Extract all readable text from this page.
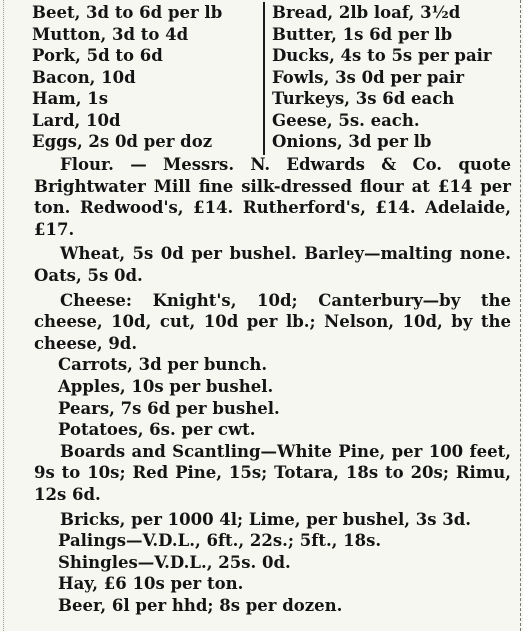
Beet, 3d to 6d per lb	Bread, 2lb loaf, 3½d
Mutton, 3d to 4d	Butter, 1s 6d per lb
Pork, 5d to 6d	Ducks, 4s to 5s per pair
Bacon, 10d	Fowls, 3s 0d per pair
Ham, 1s	Turkeys, 3s 6d each
Lard, 10d	Geese, 5s. each.
Eggs, 2s 0d per doz	Onions, 3d per lb

Flour. — Messrs. N. Edwards & Co. quote Brightwater Mill fine silk-dressed flour at £14 per ton. Redwood's, £14. Rutherford's, £14. Adelaide, £17.

Wheat, 5s 0d per bushel. Barley—malting none. Oats, 5s 0d.

Cheese: Knight's, 10d; Canterbury—by the cheese, 10d, cut, 10d per lb.; Nelson, 10d, by the cheese, 9d.

Carrots, 3d per bunch.

Apples, 10s per bushel.

Pears, 7s 6d per bushel.

Potatoes, 6s. per cwt.

Boards and Scantling—White Pine, per 100 feet, 9s to 10s; Red Pine, 15s; Totara, 18s to 20s; Rimu, 12s 6d.

Bricks, per 1000 4l; Lime, per bushel, 3s 3d.

Palings—V.D.L., 6ft., 22s.; 5ft., 18s.

Shingles—V.D.L., 25s. 0d.

Hay, £6 10s per ton.

Beer, 6l per hhd; 8s per dozen.
